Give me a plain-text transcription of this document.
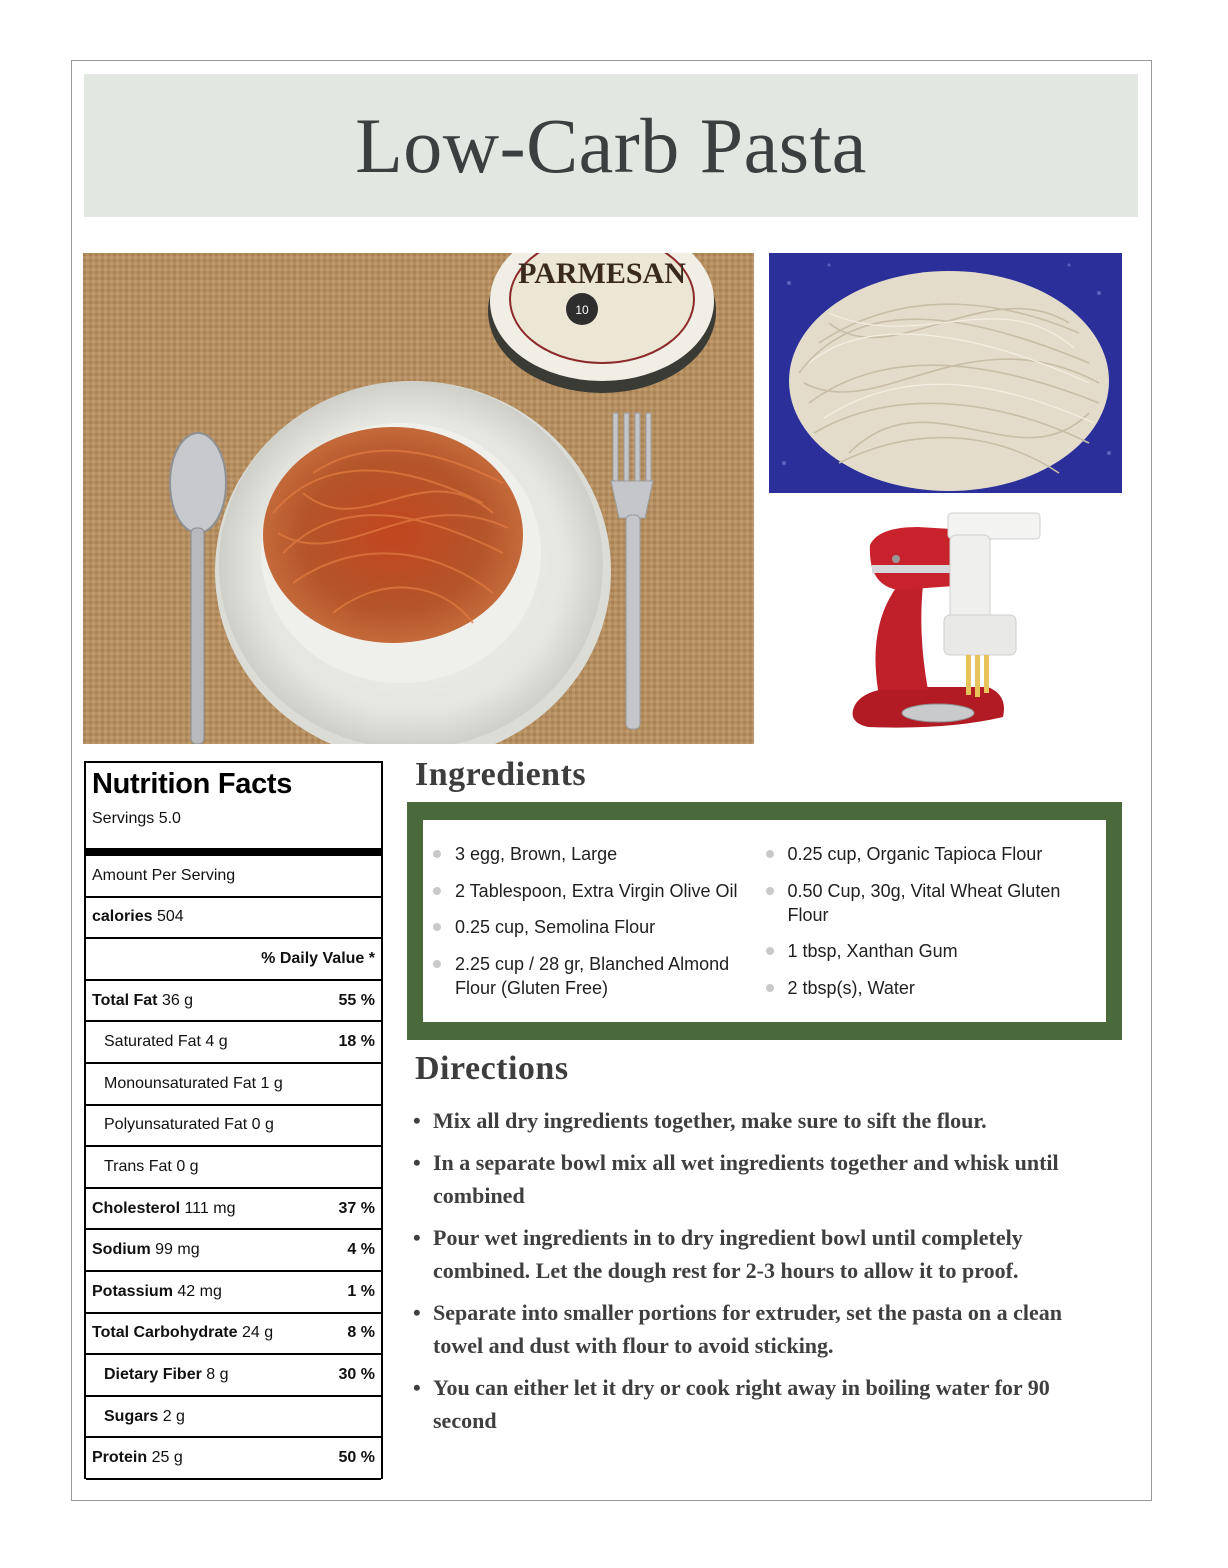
Low-Carb Pasta
PARMESAN
10
Nutrition Facts
Servings 5.0
Amount Per Serving
calories 504
% Daily Value *
Total Fat 36 g	55 %
Saturated Fat 4 g	18 %
Monounsaturated Fat 1 g
Polyunsaturated Fat 0 g
Trans Fat 0 g
Cholesterol 111 mg	37 %
Sodium 99 mg	4 %
Potassium 42 mg	1 %
Total Carbohydrate 24 g	8 %
Dietary Fiber 8 g	30 %
Sugars 2 g
Protein 25 g	50 %
Ingredients
3 egg, Brown, Large
2 Tablespoon, Extra Virgin Olive Oil
0.25 cup, Semolina Flour
2.25 cup / 28 gr, Blanched Almond Flour (Gluten Free)
0.25 cup, Organic Tapioca Flour
0.50 Cup, 30g, Vital Wheat Gluten Flour
1 tbsp, Xanthan Gum
2 tbsp(s), Water
Directions
• Mix all dry ingredients together, make sure to sift the flour.
• In a separate bowl mix all wet ingredients together and whisk until combined
• Pour wet ingredients in to dry ingredient bowl until completely combined. Let the dough rest for 2-3 hours to allow it to proof.
• Separate into smaller portions for extruder, set the pasta on a clean towel and dust with flour to avoid sticking.
• You can either let it dry or cook right away in boiling water for 90 second
